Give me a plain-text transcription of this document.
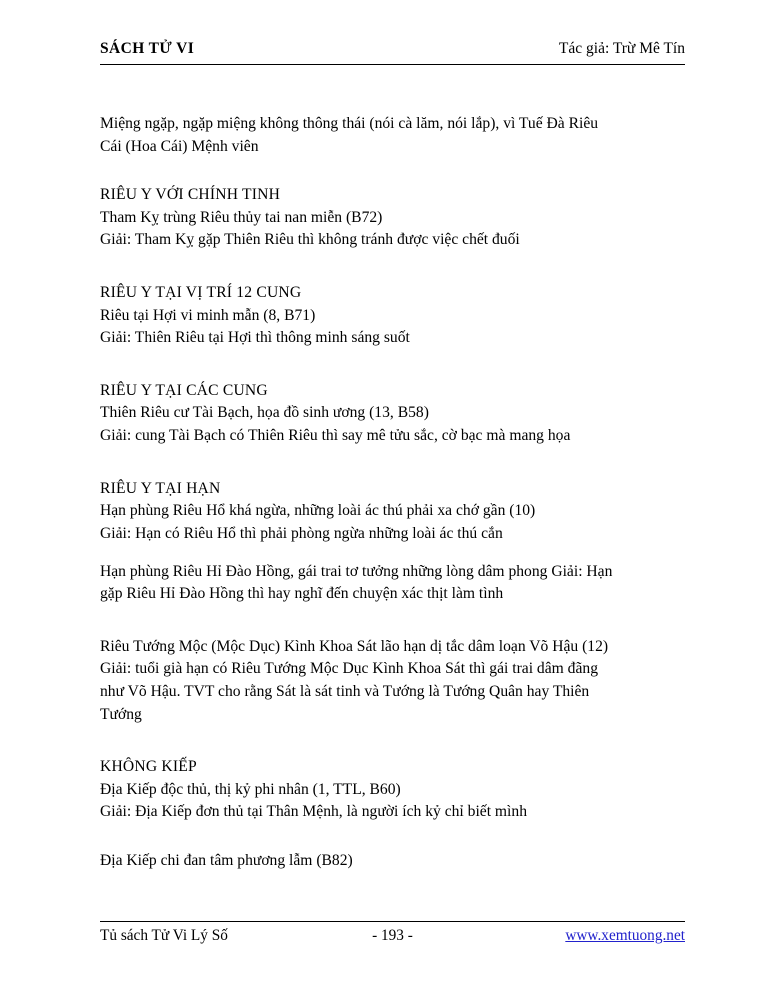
SÁCH TỬ VI	Tác giả: Trừ Mê Tín

Miệng ngặp, ngặp miệng không thông thái (nói cà lăm, nói lắp), vì Tuế Đà Riêu

Cái (Hoa Cái) Mệnh viên

RIÊU Y VỚI CHÍNH TINH

Tham Kỵ trùng Riêu thủy tai nan miễn (B72)

Giải: Tham Kỵ gặp Thiên Riêu thì không tránh được việc chết đuối

RIÊU Y TẠI VỊ TRÍ 12 CUNG

Riêu tại Hợi vi minh mẫn (8, B71)

Giải: Thiên Riêu tại Hợi thì thông minh sáng suốt

RIÊU Y TẠI CÁC CUNG

Thiên Riêu cư Tài Bạch, họa đồ sinh ương (13, B58)

Giải: cung Tài Bạch có Thiên Riêu thì say mê tửu sắc, cờ bạc mà mang họa

RIÊU Y TẠI HẠN

Hạn phùng Riêu Hổ khá ngừa, những loài ác thú phải xa chớ gần (10)

Giải: Hạn có Riêu Hổ thì phải phòng ngừa những loài ác thú cắn

Hạn phùng Riêu Hỉ Đào Hồng, gái trai tơ tưởng những lòng dâm phong Giải: Hạn

gặp Riêu Hỉ Đào Hồng thì hay nghĩ đến chuyện xác thịt làm tình

Riêu Tướng Mộc (Mộc Dục) Kình Khoa Sát lão hạn dị tắc dâm loạn Võ Hậu (12)

Giải: tuổi già hạn có Riêu Tướng Mộc Dục Kình Khoa Sát thì gái trai dâm đãng

như Võ Hậu. TVT cho rằng Sát là sát tinh và Tướng là Tướng Quân hay Thiên

Tướng

KHÔNG KIẾP

Địa Kiếp độc thủ, thị kỷ phi nhân (1, TTL, B60)

Giải: Địa Kiếp đơn thủ tại Thân Mệnh, là người ích kỷ chỉ biết mình

Địa Kiếp chi đan tâm phương lẫm (B82)

Tủ sách Tử Vi Lý Số	- 193 -	www.xemtuong.net
